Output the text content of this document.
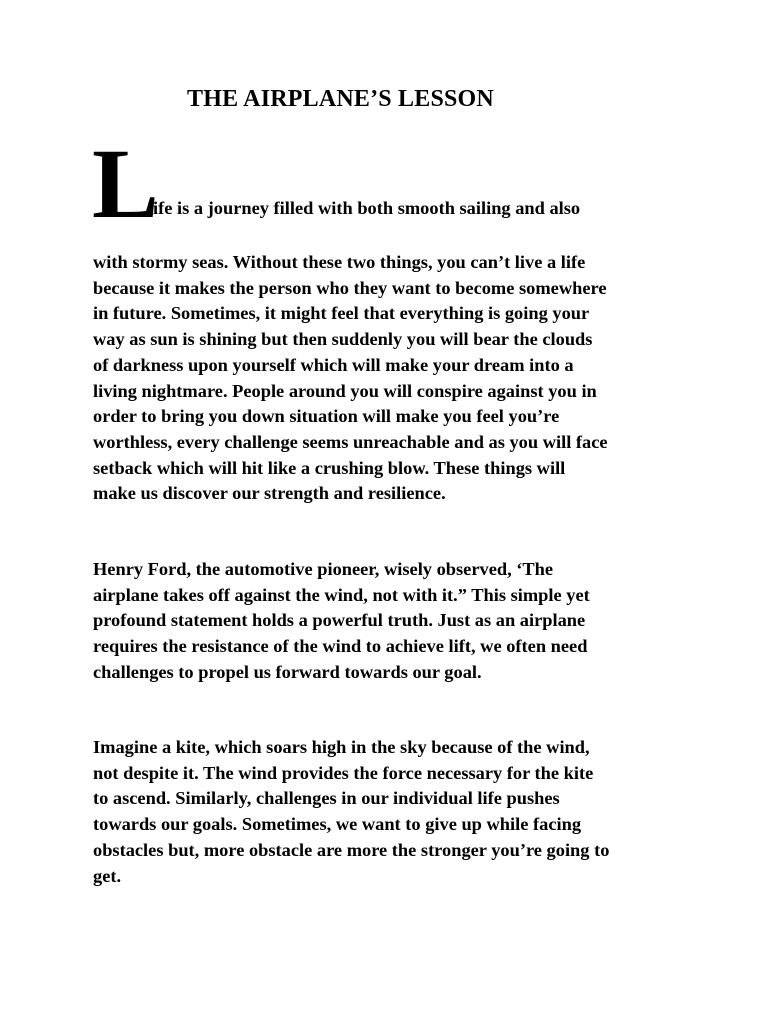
THE AIRPLANE’S LESSON
L
ife is a journey filled with both smooth sailing and also

with stormy seas. Without these two things, you can’t live a life
because it makes the person who they want to become somewhere
in future. Sometimes, it might feel that everything is going your
way as sun is shining but then suddenly you will bear the clouds
of darkness upon yourself which will make your dream into a
living nightmare. People around you will conspire against you in
order to bring you down situation will make you feel you’re
worthless, every challenge seems unreachable and as you will face
setback which will hit like a crushing blow. These things will
make us discover our strength and resilience.

Henry Ford, the automotive pioneer, wisely observed, ‘The
airplane takes off against the wind, not with it.” This simple yet
profound statement holds a powerful truth. Just as an airplane
requires the resistance of the wind to achieve lift, we often need
challenges to propel us forward towards our goal.

Imagine a kite, which soars high in the sky because of the wind,
not despite it. The wind provides the force necessary for the kite
to ascend. Similarly, challenges in our individual life pushes
towards our goals. Sometimes, we want to give up while facing
obstacles but, more obstacle are more the stronger you’re going to
get.
